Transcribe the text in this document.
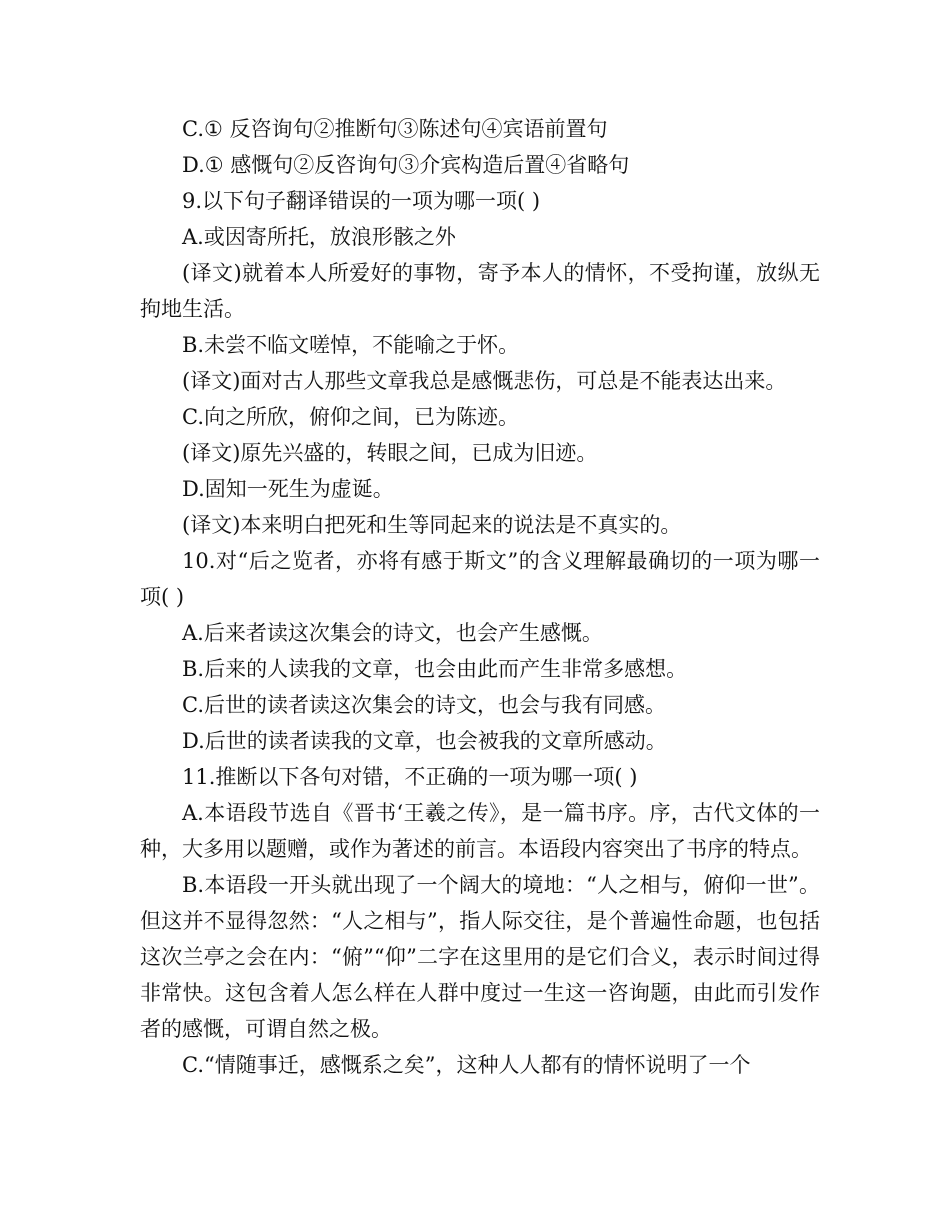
C.① 反咨询句②推断句③陈述句④宾语前置句

D.① 感慨句②反咨询句③介宾构造后置④省略句

9.以下句子翻译错误的一项为哪一项( )

A.或因寄所托，放浪形骸之外

(译文)就着本人所爱好的事物，寄予本人的情怀，不受拘谨，放纵无拘地生活。

B.未尝不临文嗟悼，不能喻之于怀。

(译文)面对古人那些文章我总是感慨悲伤，可总是不能表达出来。

C.向之所欣，俯仰之间，已为陈迹。

(译文)原先兴盛的，转眼之间，已成为旧迹。

D.固知一死生为虚诞。

(译文)本来明白把死和生等同起来的说法是不真实的。

10.对“后之览者，亦将有感于斯文”的含义理解最确切的一项为哪一项( )

A.后来者读这次集会的诗文，也会产生感慨。

B.后来的人读我的文章，也会由此而产生非常多感想。

C.后世的读者读这次集会的诗文，也会与我有同感。

D.后世的读者读我的文章，也会被我的文章所感动。

11.推断以下各句对错，不正确的一项为哪一项( )

A.本语段节选自《晋书‘王羲之传》，是一篇书序。序，古代文体的一种，大多用以题赠，或作为著述的前言。本语段内容突出了书序的特点。

B.本语段一开头就出现了一个阔大的境地：“人之相与，俯仰一世”。但这并不显得忽然：“人之相与”，指人际交往，是个普遍性命题，也包括这次兰亭之会在内：“俯”“仰”二字在这里用的是它们合义，表示时间过得非常快。这包含着人怎么样在人群中度过一生这一咨询题，由此而引发作者的感慨，可谓自然之极。

C.“情随事迁，感慨系之矣”，这种人人都有的情怀说明了一个
